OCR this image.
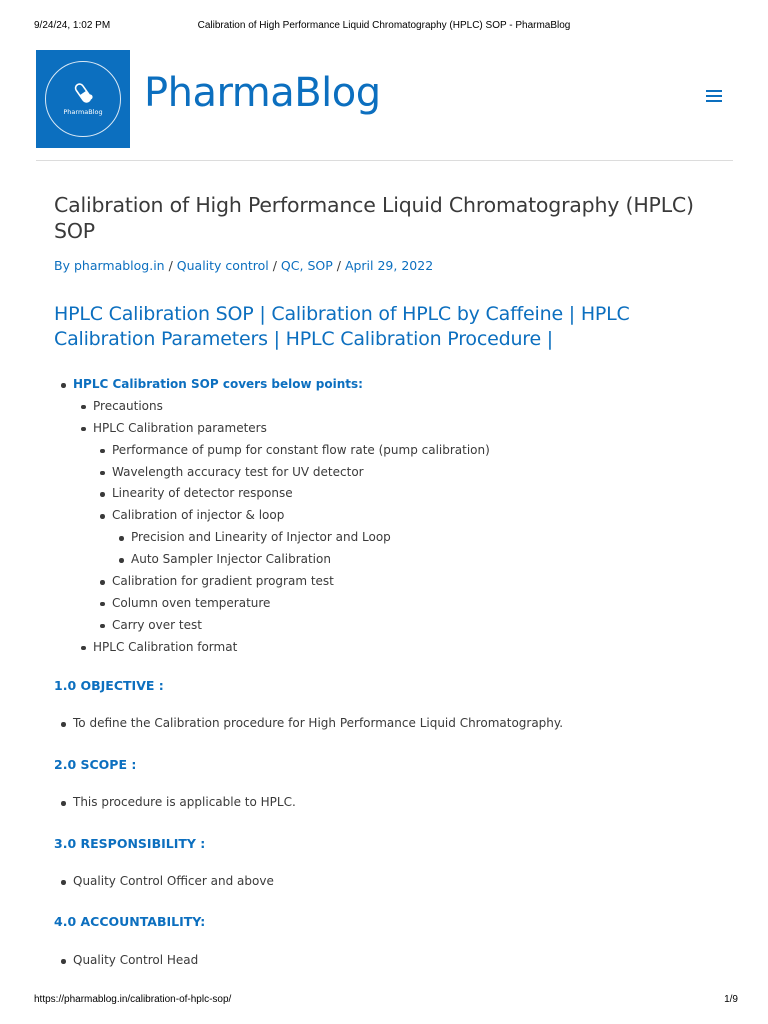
9/24/24, 1:02 PM	Calibration of High Performance Liquid Chromatography (HPLC) SOP - PharmaBlog
PharmaBlog PharmaBlog
Calibration of High Performance Liquid Chromatography (HPLC) SOP
By pharmablog.in / Quality control / QC, SOP / April 29, 2022
HPLC Calibration SOP | Calibration of HPLC by Caffeine | HPLC Calibration Parameters | HPLC Calibration Procedure |
HPLC Calibration SOP covers below points:
Precautions
HPLC Calibration parameters
Performance of pump for constant flow rate (pump calibration)
Wavelength accuracy test for UV detector
Linearity of detector response
Calibration of injector & loop
Precision and Linearity of Injector and Loop
Auto Sampler Injector Calibration
Calibration for gradient program test
Column oven temperature
Carry over test
HPLC Calibration format
1.0 OBJECTIVE :
To define the Calibration procedure for High Performance Liquid Chromatography.
2.0 SCOPE :
This procedure is applicable to HPLC.
3.0 RESPONSIBILITY :
Quality Control Officer and above
4.0 ACCOUNTABILITY:
Quality Control Head
https://pharmablog.in/calibration-of-hplc-sop/	1/9
